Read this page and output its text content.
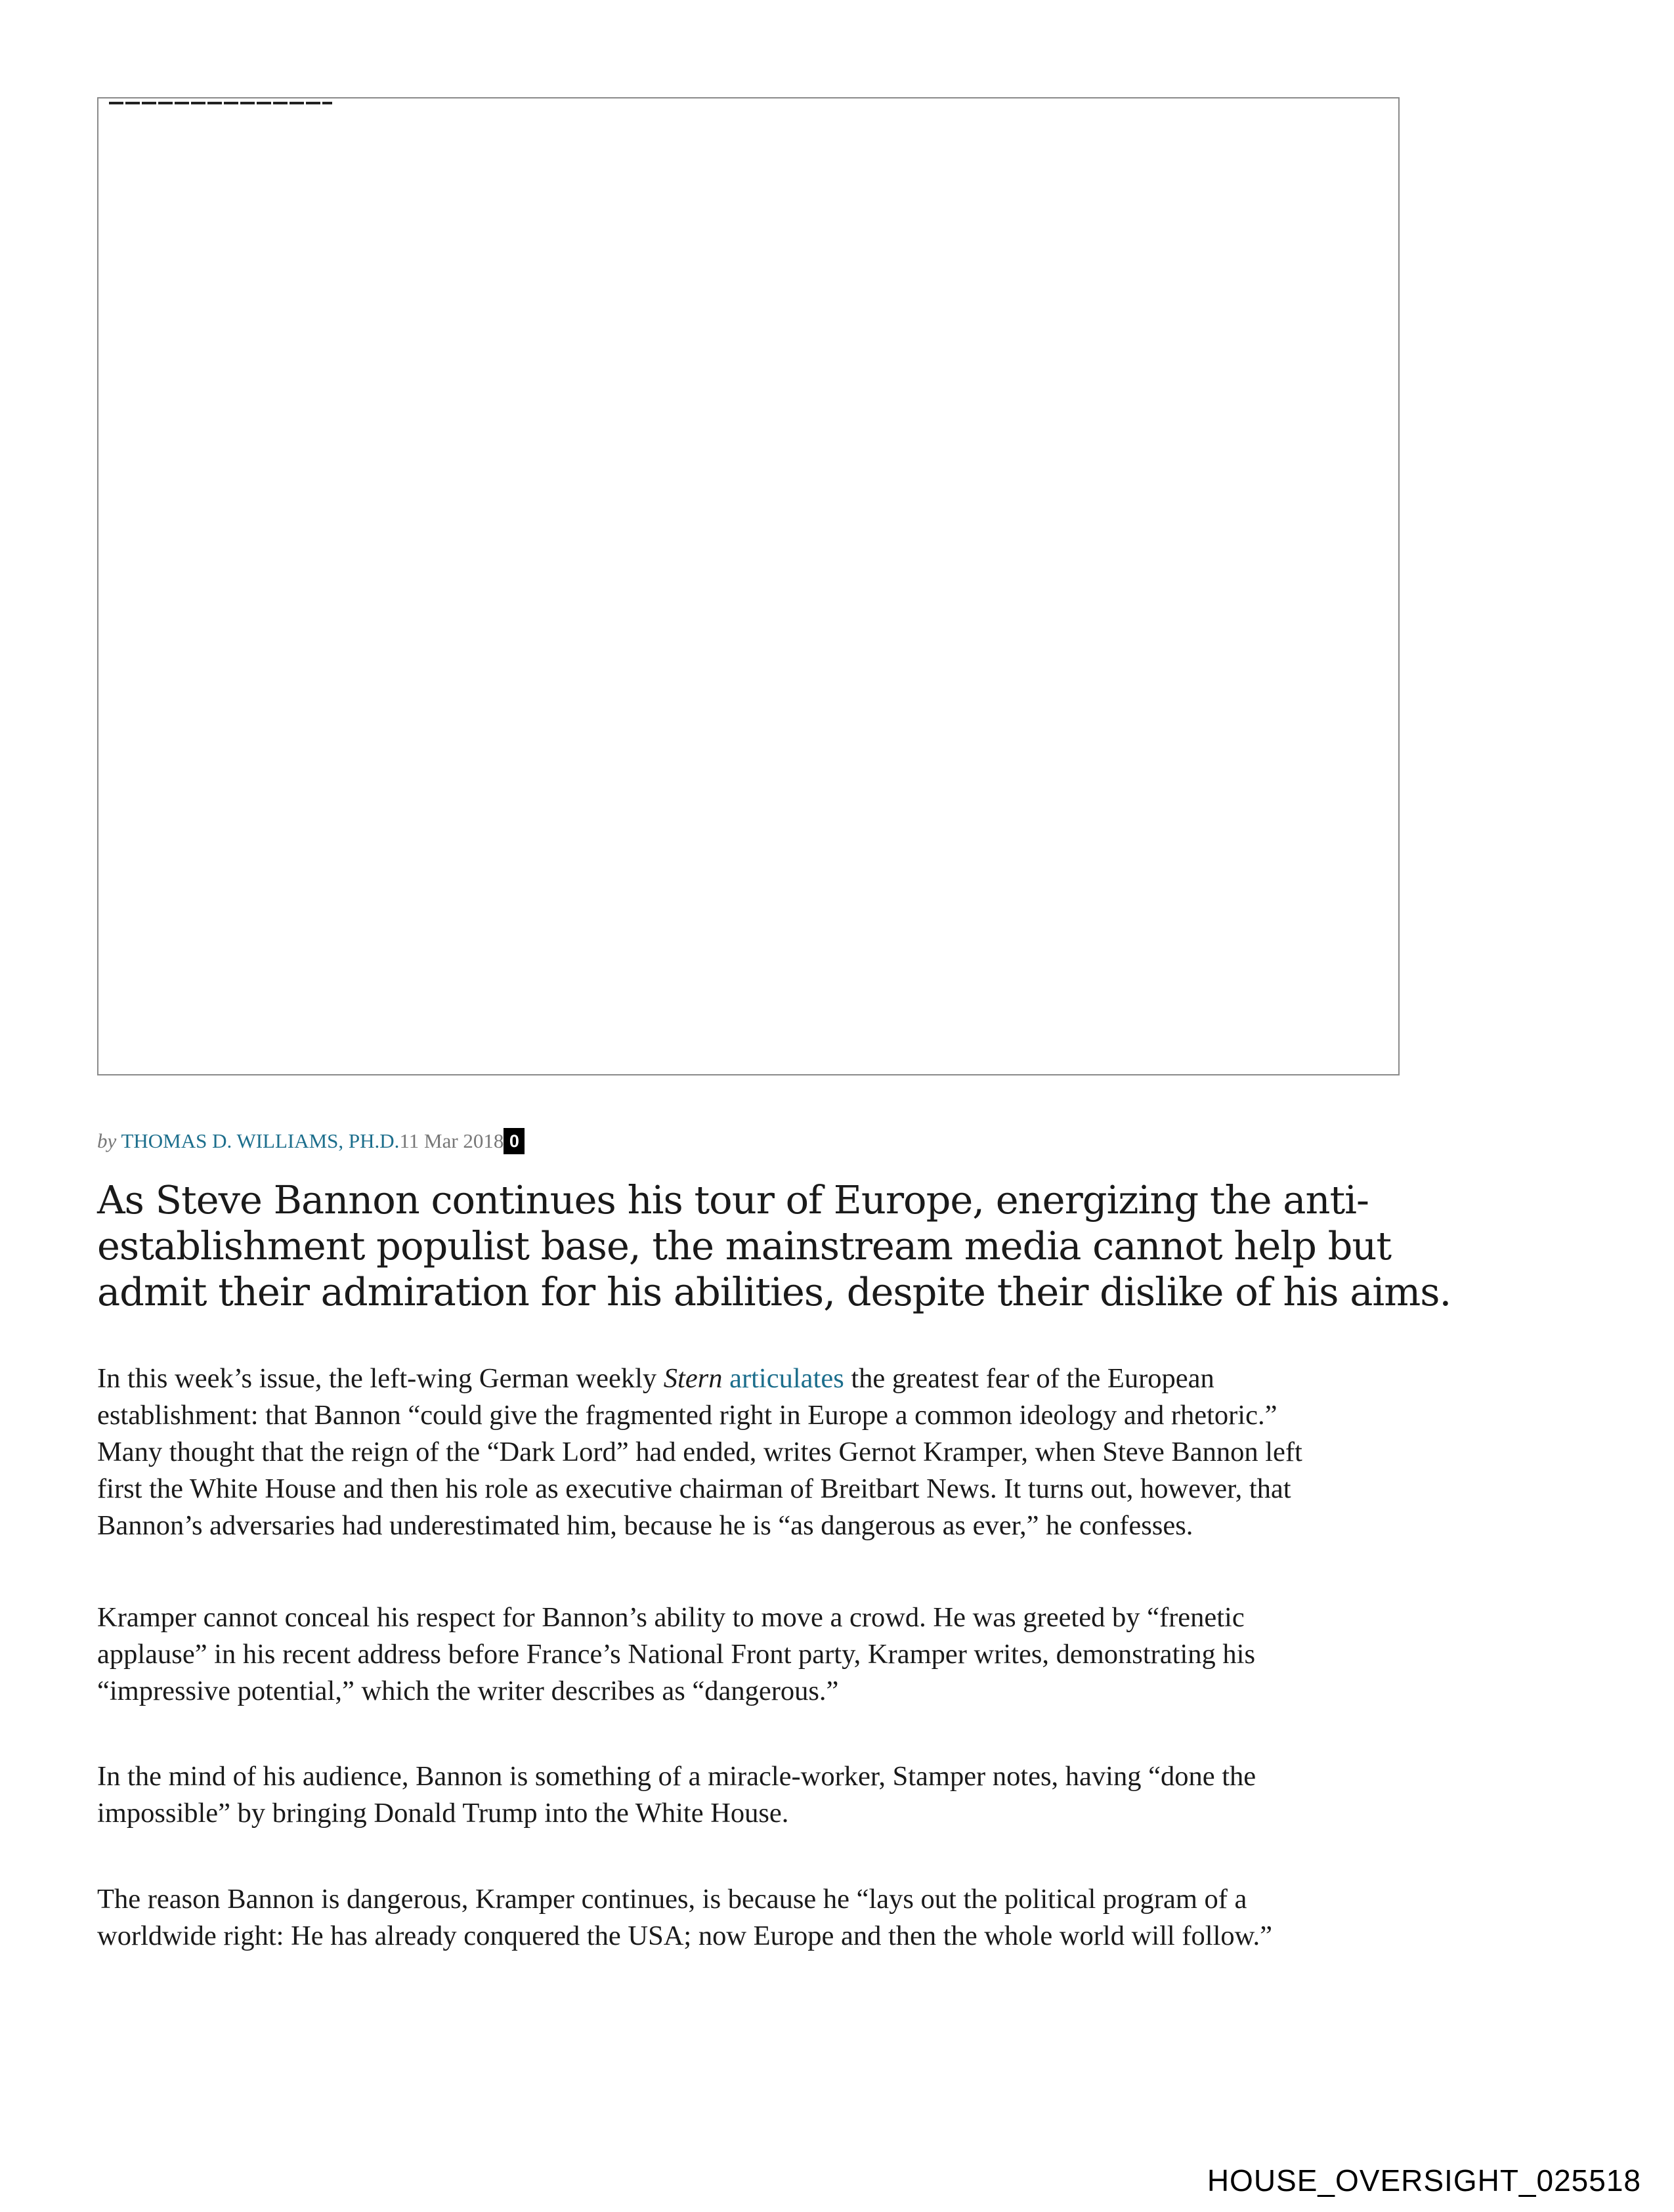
by THOMAS D. WILLIAMS, PH.D.11 Mar 2018 0
As Steve Bannon continues his tour of Europe, energizing the anti-
establishment populist base, the mainstream media cannot help but
admit their admiration for his abilities, despite their dislike of his aims.

In this week’s issue, the left-wing German weekly Stern articulates the greatest fear of the European
establishment: that Bannon “could give the fragmented right in Europe a common ideology and rhetoric.”
Many thought that the reign of the “Dark Lord” had ended, writes Gernot Kramper, when Steve Bannon left
first the White House and then his role as executive chairman of Breitbart News. It turns out, however, that
Bannon’s adversaries had underestimated him, because he is “as dangerous as ever,” he confesses.

Kramper cannot conceal his respect for Bannon’s ability to move a crowd. He was greeted by “frenetic
applause” in his recent address before France’s National Front party, Kramper writes, demonstrating his
“impressive potential,” which the writer describes as “dangerous.”

In the mind of his audience, Bannon is something of a miracle-worker, Stamper notes, having “done the
impossible” by bringing Donald Trump into the White House.

The reason Bannon is dangerous, Kramper continues, is because he “lays out the political program of a
worldwide right: He has already conquered the USA; now Europe and then the whole world will follow.”

HOUSE_OVERSIGHT_025518
